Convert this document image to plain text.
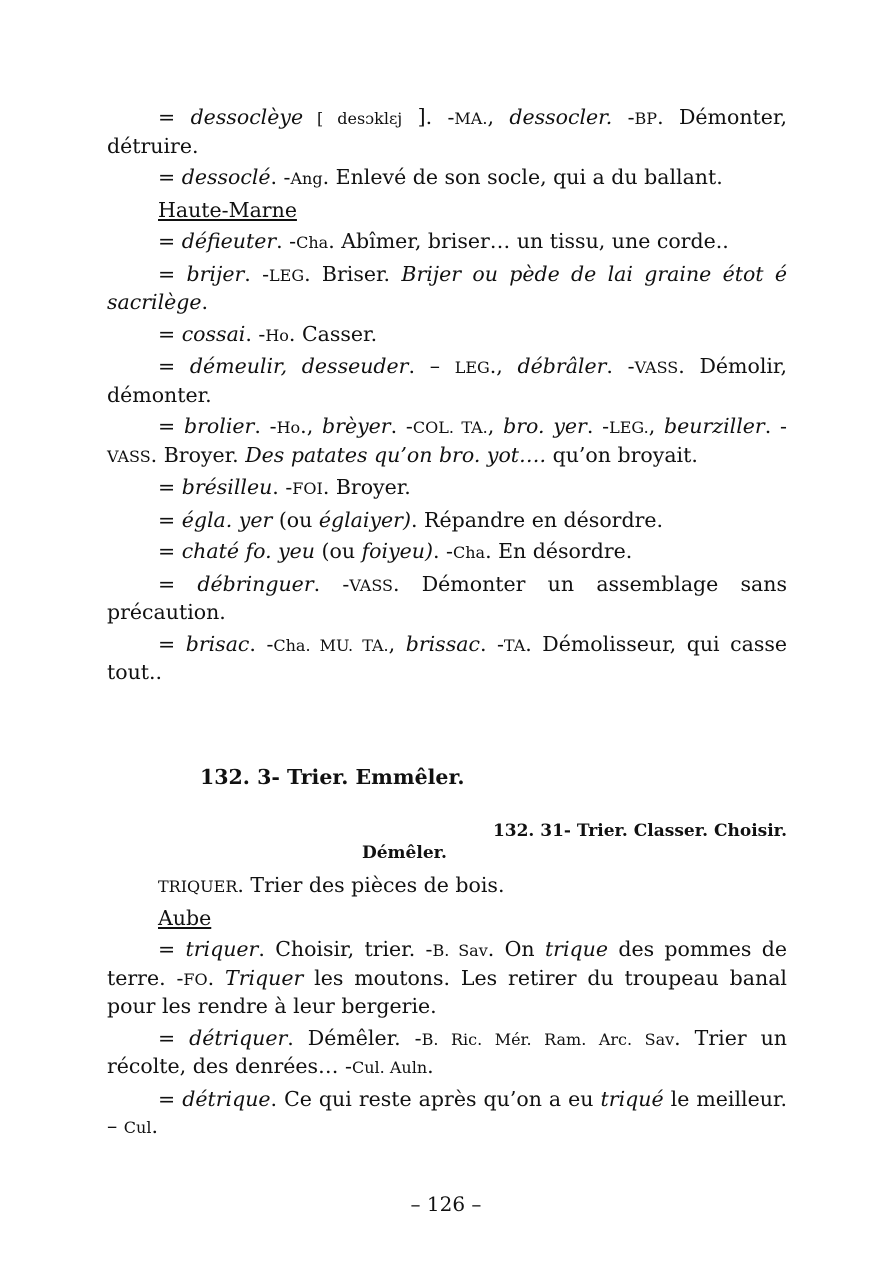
= dessoclèye [ desɔklɛj ]. -MA., dessocler. -BP. Démonter, détruire.

= dessoclé. -Ang. Enlevé de son socle, qui a du ballant.

Haute-Marne

= défieuter. -Cha. Abîmer, briser… un tissu, une corde..

= brijer. -LEG. Briser. Brijer ou pède de lai graine étot é sacrilège.

= cossai. -Ho. Casser.

= démeulir, desseuder. – LEG., débrâler. -VASS. Démolir, démonter.

= brolier. -Ho., brèyer. -COL. TA., bro. yer. -LEG., beurziller. -VASS. Broyer. Des patates qu’on bro. yot…. qu’on broyait.

= brésilleu. -FOI. Broyer.

= égla. yer (ou églaiyer). Répandre en désordre.

= chaté fo. yeu (ou foiyeu). -Cha. En désordre.

= débringuer. -VASS. Démonter un assemblage sans précaution.

= brisac. -Cha. MU. TA., brissac. -TA. Démolisseur, qui casse tout..

132. 3- Trier. Emmêler.
132. 31- Trier. Classer. Choisir.
Démêler.

TRIQUER. Trier des pièces de bois.

Aube

= triquer. Choisir, trier. -B. Sav. On trique des pommes de terre. -FO. Triquer les moutons. Les retirer du troupeau banal pour les rendre à leur bergerie.

= détriquer. Démêler. -B. Ric. Mér. Ram. Arc. Sav. Trier un récolte, des denrées… -Cul. Auln.

= détrique. Ce qui reste après qu’on a eu triqué le meilleur. – Cul.

– 126 –
